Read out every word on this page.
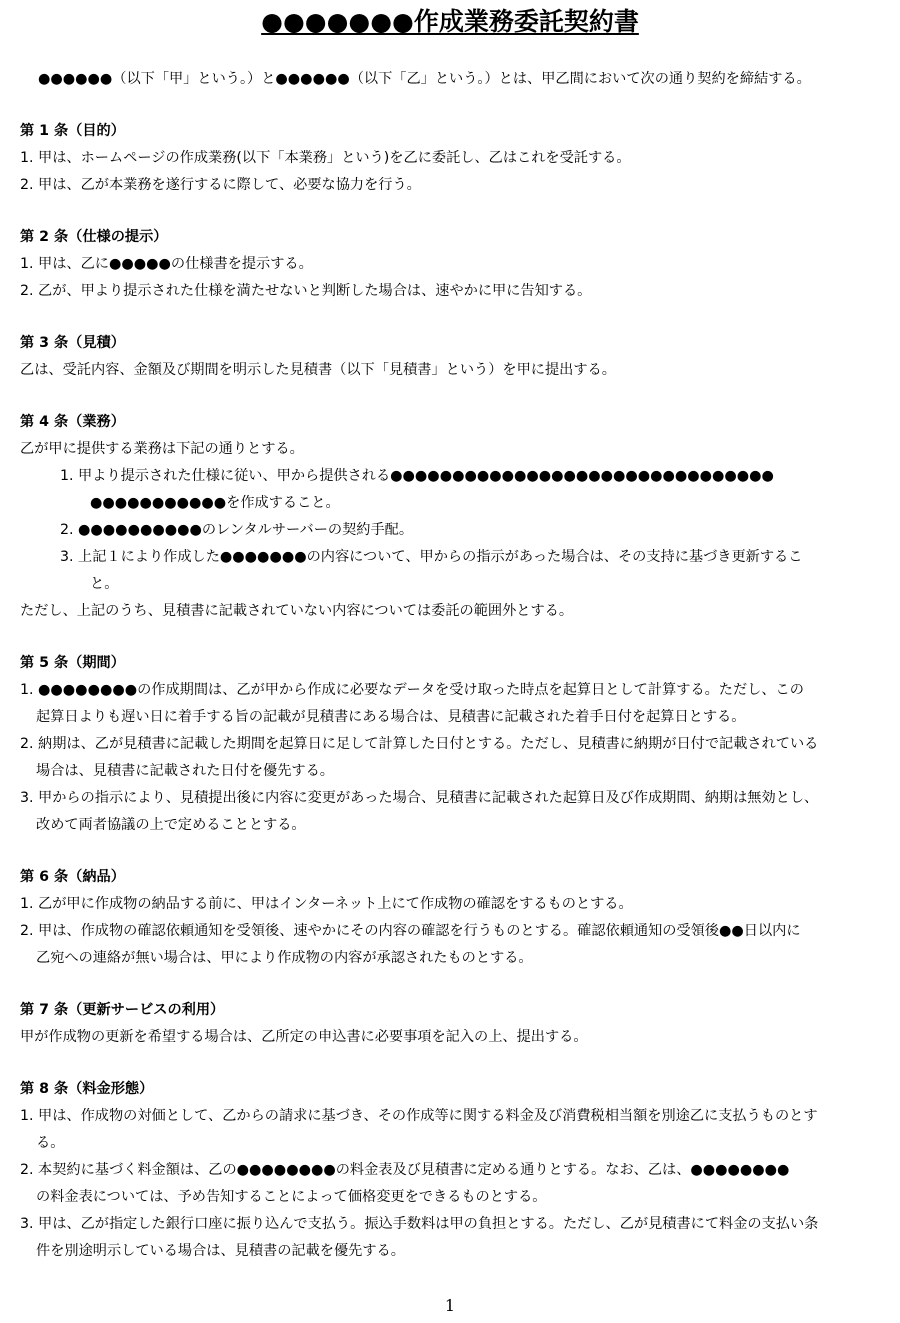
●●●●●●●作成業務委託契約書
●●●●●●（以下「甲」という。）と●●●●●●（以下「乙」という。）とは、甲乙間において次の通り契約を締結する。
第 1 条（目的）
1. 甲は、ホームページの作成業務(以下「本業務」という)を乙に委託し、乙はこれを受託する。
2. 甲は、乙が本業務を遂行するに際して、必要な協力を行う。
第 2 条（仕様の提示）
1. 甲は、乙に●●●●●の仕様書を提示する。
2. 乙が、甲より提示された仕様を満たせないと判断した場合は、速やかに甲に告知する。
第 3 条（見積）
乙は、受託内容、金額及び期間を明示した見積書（以下「見積書」という）を甲に提出する。
第 4 条（業務）
乙が甲に提供する業務は下記の通りとする。
1. 甲より提示された仕様に従い、甲から提供される●●●●●●●●●●●●●●●●●●●●●●●●●●●●●●●
●●●●●●●●●●●を作成すること。
2. ●●●●●●●●●●のレンタルサーバーの契約手配。
3. 上記１により作成した●●●●●●●の内容について、甲からの指示があった場合は、その支持に基づき更新するこ
と。
ただし、上記のうち、見積書に記載されていない内容については委託の範囲外とする。
第 5 条（期間）
1. ●●●●●●●●の作成期間は、乙が甲から作成に必要なデータを受け取った時点を起算日として計算する。ただし、この
起算日よりも遅い日に着手する旨の記載が見積書にある場合は、見積書に記載された着手日付を起算日とする。
2. 納期は、乙が見積書に記載した期間を起算日に足して計算した日付とする。ただし、見積書に納期が日付で記載されている
場合は、見積書に記載された日付を優先する。
3. 甲からの指示により、見積提出後に内容に変更があった場合、見積書に記載された起算日及び作成期間、納期は無効とし、
改めて両者協議の上で定めることとする。
第 6 条（納品）
1. 乙が甲に作成物の納品する前に、甲はインターネット上にて作成物の確認をするものとする。
2. 甲は、作成物の確認依頼通知を受領後、速やかにその内容の確認を行うものとする。確認依頼通知の受領後●●日以内に
乙宛への連絡が無い場合は、甲により作成物の内容が承認されたものとする。
第 7 条（更新サービスの利用）
甲が作成物の更新を希望する場合は、乙所定の申込書に必要事項を記入の上、提出する。
第 8 条（料金形態）
1. 甲は、作成物の対価として、乙からの請求に基づき、その作成等に関する料金及び消費税相当額を別途乙に支払うものとす
る。
2. 本契約に基づく料金額は、乙の●●●●●●●●の料金表及び見積書に定める通りとする。なお、乙は、●●●●●●●●
の料金表については、予め告知することによって価格変更をできるものとする。
3. 甲は、乙が指定した銀行口座に振り込んで支払う。振込手数料は甲の負担とする。ただし、乙が見積書にて料金の支払い条
件を別途明示している場合は、見積書の記載を優先する。
1
